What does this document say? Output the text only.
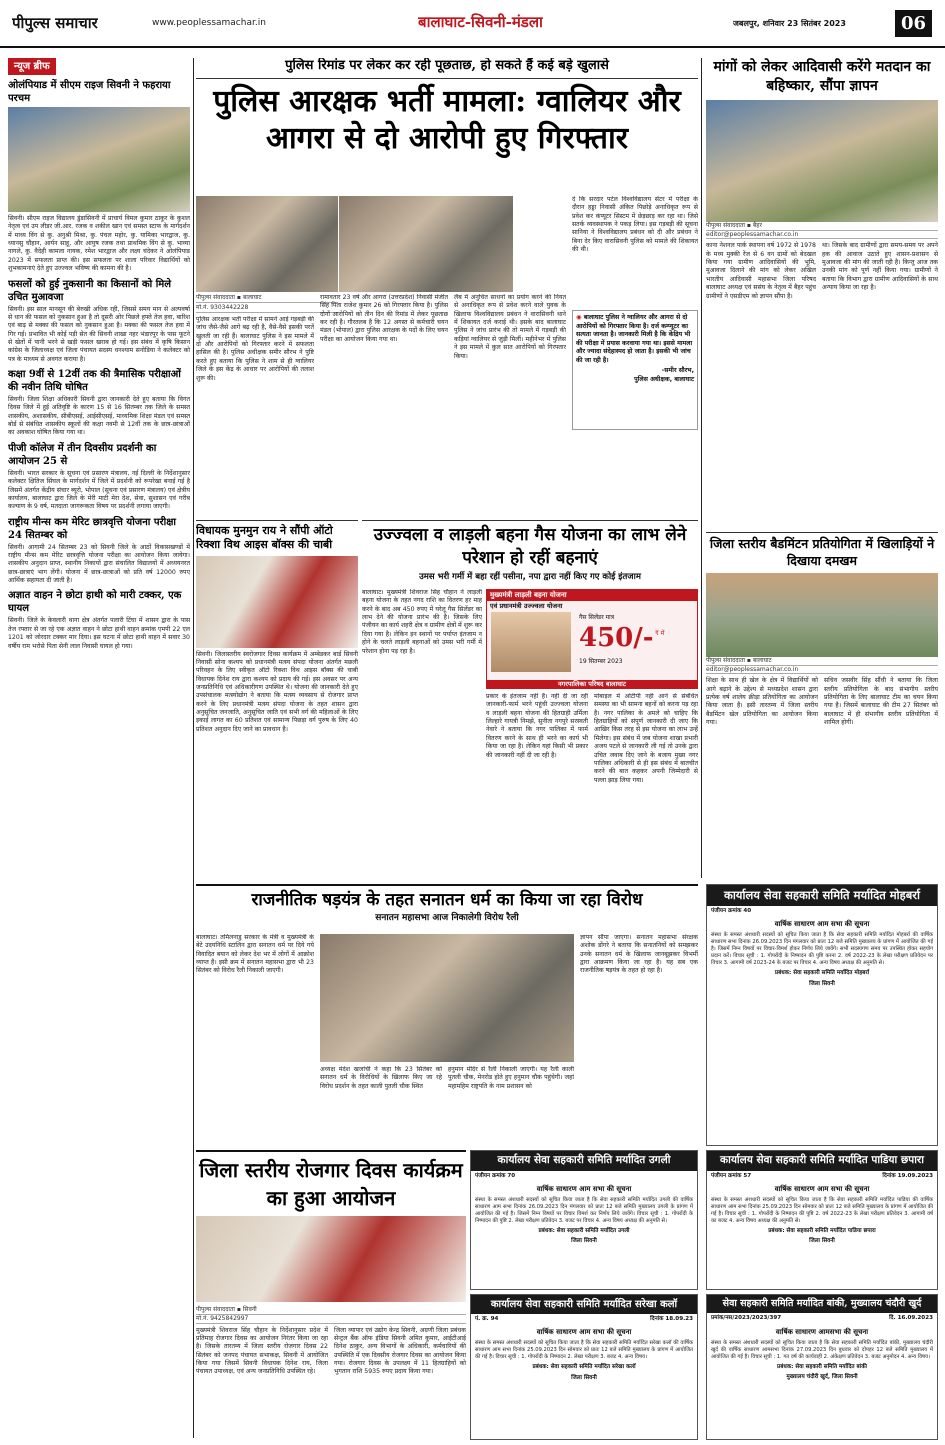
पीपुल्स समाचार	www.peoplessamachar.in	बालाघाट-सिवनी-मंडला	जबलपुर, शनिवार 23 सितंबर 2023	06
न्यूज ब्रीफ
ओलंपियाड में सीएम राइज सिवनी ने फहराया परचम

सिवनी। सीएम राइज विद्यालय डुंडासिवनी में प्राचार्य विमल कुमार ठाकुर के कुशल नेतृत्व एवं उप लीडर जी.आर. रजक व शकील खान एवं समस्त स्टाफ के मार्गदर्शन में माध्य विंग से कु. अनुश्री मिश्रा, कु. पंचल महोर, कु. यामिका भारद्वाज, कु. ध्यानसु चौहान, आर्यन साहू, और आयुष रजक तथा प्राथमिक विंग से कु. भाव्या नागले, कु. वैदेही कामला नायक, रमेश भारद्वाज और लक्ष्य चंदेकर ने ओलंपियाड 2023 में सफलता प्राप्त की। इस सफलता पर शाला परिवार विद्यार्थियों को शुभकामनाएं देते हुए उज्ज्वल भविष्य की कामना की है।

फसलों को हुई नुकसानी का किसानों को मिले उचित मुआवजा

सिवनी। इस साल मानसून की बेरुखी अधिक रही, जिससे समय मान से अल्पवर्षा से धान की फसल को नुकसान हुआ है तो दूसरी ओर पिछले हफ्ते तेज हवा, बारिश एवं बाढ़ से मक्का की फसल को नुकसान हुआ है। मक्का की फसल तेज हवा में गिर गई। प्रभावित भी कोई पड़ी सेत की सिवनी शाखा नहर भंडारपुर के पास फूटने से खेतों में पानी भरने से खड़ी फसल खराब हो गई। इस संबंध में कृषि किसान कांग्रेस के जिलाध्यक्ष एवं जिला पंचायत सदस्य धनश्याम सनोडिया ने कलेक्टर को पत्र के माध्यम से अवगत कराया है।

कक्षा 9वीं से 12वीं तक की त्रैमासिक परीक्षाओं की नवीन तिथि घोषित

सिवनी। जिला शिक्षा अधिकारी सिवनी द्वारा जानकारी देते हुए बताया कि विगत दिवस जिले में हुई अतिवृष्टि के कारण 15 से 16 सितम्बर तक जिले के समस्त शासकीय, अशासकीय, सीबीएसई, आईसीएसई, माध्यमिक शिक्षा मंडल एवं समस्त बोर्ड से संबंधित शासकीय स्कूलों की कक्षा नवमी से 12वीं तक के छात्र-छात्राओं का अवकाश घोषित किया गया था।

पीजी कॉलेज में तीन दिवसीय प्रदर्शनी का आयोजन 25 से

सिवनी। भारत सरकार के सूचना एवं प्रसारण मंत्रालय, नई दिल्ली के निर्देशानुसार कलेक्टर क्षितिज सिंघल के मार्गदर्शन में जिले में प्रदर्शनी को रूपरेखा बनाई गई है जिसमें अंतर्गत केंद्रीय संचार ब्यूरो, भोपाल (सूचना एवं प्रसारण मंत्रालय) एवं क्षेत्रीय कार्यालय, बालाघाट द्वारा जिले के मेरी माटी मेरा देश, सेवा, सुशासन एवं गरीब कल्याण के 9 वर्ष, मतदाता जागरूकता विषय पर प्रदर्शनी लगाया जाएगी।

राष्ट्रीय मीन्स कम मेरिट छात्रवृत्ति योजना परीक्षा 24 सितम्बर को

सिवनी। आगामी 24 सितम्बर 23 को सिवनी जिले के आठों विकासखण्डों में राष्ट्रीय मीन्स कम मेरिट छात्रवृत्ति योजना परीक्षा का आयोजन किया जायेगा। शासकीय अनुदान प्राप्त, स्थानीय निकायों द्वारा संचालित विद्यालयों में अध्ययनरत छात्र-छात्राएं भाग लेंगी। योजना में छात्र-छात्राओं को प्रति वर्ष 12000 रुपए आर्थिक सहायता दी जाती है।

अज्ञात वाहन ने छोटा हाथी को मारी टक्कर, एक घायल

सिवनी। जिले के केवलारी थाना क्षेत्र अंतर्गत पलारी टिंघा में शासन द्वारा के पास तेज रफ्तार से जा रहे एक अज्ञात वाहन ने छोटा हाथी वाहन क्रमांक एमपी 22 एल 1201 को जोरदार टक्कर मार दिया। इस घटना में छोटा हाथी वाहन में सवार 30 वर्षीय राम भरोसे पिता सेनी लाल निवासी घायल हो गया।

पुलिस रिमांड पर लेकर कर रही पूछताछ, हो सकते हैं कई बड़े खुलासे
पुलिस आरक्षक भर्ती मामला: ग्वालियर और आगरा से दो आरोपी हुए गिरफ्तार
पीपुल्स संवाददाता ▪ बालाघाट
मो.नं. 9303442228
पुलिस आरक्षक भर्ती परीक्षा में सामने आई गड़बड़ी की जांच जैसे-जैसे आगे बढ़ रही है, वैसे-वैसे इसकी परतें खुलती जा रही हैं। बालाघाट पुलिस ने इस मामले में दो और आरोपियों को गिरफ्तार करने में सफलता हासिल की है। पुलिस अधीक्षक समीर सौरभ ने पुष्टि करते हुए बताया कि पुलिस ने शाम से ही ग्वालियर जिले के इस केंद्र के आधार पर आरोपियों की तलाश शुरू की।
रामावतार 23 वर्ष और आगरा (उत्तरप्रदेश) निवासी मंजीत सिंह पिता राजेश कुमार 26 को गिरफ्तार किया है। पुलिस दोनों आरोपियों को तीन दिन की रिमांड में लेकर पूछताछ कर रही है। गौरतलब है कि 12 अगस्त से कर्मचारी चयन मंडल (भोपाल) द्वारा पुलिस आरक्षक के पदों के लिए चयन परीक्षा का आयोजन किया गया था।
लैब में अनुचित साधनों का प्रयोग करने की नियत से अनाधिकृत रूप से प्रवेश करने वाले युवक के खिलाफ विश्वविद्यालय प्रबंधन ने वारासिवनी थाने में शिकायत दर्ज कराई थी। इसके बाद बालाघाट पुलिस ने जांच प्रारंभ की तो मामले में गड़बड़ी की कड़ियां ग्वालियर से जुड़ी मिलीं। महीनेभर में पुलिस ने इस मामले में कुल सात आरोपियों को गिरफ्तार किया।
दे कि सरदार पटेल विश्वविद्यालय सेंटर में परीक्षा के दौरान हड्डा निवासी अंकित पिछोड़े अनाधिकृत रूप से प्रवेश कर कंप्यूटर सिस्टम में छेड़छाड़ कर रहा था। जिसे सतर्क व्यवस्थापक ने पकड़ लिया। इस गड़बड़ी की सूचना सानिया ने विश्वविद्यालय प्रबंधन को दी और प्रबंधन ने बिना देर किए वारासिवनी पुलिस को मामले की शिकायत की थी।
◉ बालाघाट पुलिस ने ग्वालियर और आगरा से दो आरोपियों को गिरफ्तार किया है। दर्ज कम्प्यूटर का सत्यता जानता है। जानकारी मिली है कि केंद्रिय भी की परीक्षा में प्रयास करवाया गया था। इससे मामला और ज्यादा संदेहास्पद हो जाता है। इसकी भी जांच की जा रही है।
-समीर सौरभ,
पुलिस अधीक्षक, बालाघाट
विधायक मुनमुन राय ने सौंपी ऑटो रिक्शा विथ आइस बॉक्स की चाबी

सिवनी। जिलास्तरीय स्वरोजगार दिवस कार्यक्रम में अम्बेडकर बार्ड सिवनी निवासी सोना कश्यप को प्रधानमंत्री मत्स्य संपदा योजना अंतर्गत मछली परिवहन के लिए स्वीकृत ऑटो रिक्शा विथ आइस बॉक्स की चाबी विधायक दिनेश राय द्वारा कश्यप को प्रदाय की गई। इस अवसर पर अन्य जनप्रतिनिधि एवं अधिकारीगण उपस्थित थे। योजना की जानकारी देते हुए उपसंचालक मत्स्योद्योग ने बताया कि मत्स्य व्यवसाय से रोजगार प्राप्त करने के लिए प्रधानमंत्री मत्स्य संपदा योजना के तहत शासन द्वारा अनुसूचित जनजाति, अनुसूचित जाति एवं सभी वर्ग की महिलाओं के लिए इकाई लागत का 60 प्रतिशत एवं सामान्य पिछड़ा वर्ग पुरुष के लिए 40 प्रतिशत अनुदान दिए जाने का प्रावधान है।

उज्ज्वला व लाड़ली बहना गैस योजना का लाभ लेने परेशान हो रहीं बहनाएं
उमस भरी गर्मी में बहा रहीं पसीना, नपा द्वारा नहीं किए गए कोई इंतजाम
बालाघाट। मुख्यमंत्री शिवराज सिंह चौहान ने लाड़ली बहना योजना के तहत नगद राशि का वितरण हर माह करने के बाद अब 450 रुपए में घरेलू गैस सिलेंडर का लाभ देने की योजना प्रारंभ की है। जिसके लिए पंजीयन का कार्य शहरी क्षेत्र व ग्रामीण क्षेत्रों में शुरू कर दिया गया है। लेकिन इन स्थानों पर पर्याप्त इंतजाम न होने के चलते लाड़ली बहनाओं को उमस भरी गर्मी में परेशान होना पड़ रहा है।
मुख्यमंत्री लाड़ली बहना योजना
एवं प्रधानमंत्री उज्ज्वला योजना
गैस सिलेंडर मात्र
450/- ₹ में
19 सितम्बर 2023
नगरपालिका परिषद बालाघाट
प्रकार के इंतजाम नहीं हैं। नहीं दी जा रही जानकारी-फार्म भरने पहुंची उज्ज्वला योजना व लाड़ली बहना योजना की हितग्राही उर्मिला लिल्हारे गायत्री निमझे, सुनीता नगपुरे सरस्वती नेवारे ने बताया कि नगर पालिका में फार्म वितरण करने के साथ ही भरने का कार्य भी किया जा रहा है। लेकिन यहां किसी भी प्रकार की जानकारी नहीं दी जा रही है।
मोबाइल में ओटीपी नहीं आने से संबंधित समस्या का भी सामना बहनों को करना पड़ रहा है। नगर पालिका के अमले को चाहिए कि हितग्राहियों को संपूर्ण जानकारी दी जाए कि आखिर किस तरह से इस योजना का लाभ उन्हें मिलेगा। इस संबंध में जब योजना शाखा प्रभारी अजय पटले से जानकारी ली गई तो उनके द्वारा उचित जवाब दिए जाने के बजाय मुख्य नगर पालिका अधिकारी से ही इस संबंध में बातचीत करने की बात कहकर अपनी जिम्मेदारी से पल्ला झाड़ लिया गया।
मांगों को लेकर आदिवासी करेंगे मतदान का बहिष्कार, सौंपा ज्ञापन
पीपुल्स संवाददाता ▪ बैहर
editor@peoplessamachar.co.in

काना नेशनल पार्क स्थापना वर्ष 1972 से 1978 के मध्य मुक्की रेंज से 6 वन ग्रामों को बेदखल किया गया ग्रामीण आदिवासियों की भूमि, मुआवजा दिलाने की मांग को लेकर अखिल भारतीय आदिवासी महासभा जिला परिषद बालाघाट अध्यक्ष एवं ससंघ के नेतृत्व में बैहर पहुंच ग्रामीणों ने एसडीएम को ज्ञापन सौंपा है।

था। जिसके बाद ग्रामीणों द्वारा समय-समय पर अपने हक की आवाज उठाते हुए शासन-प्रशासन से मुआवजा की मांग की जाती रही है। किन्तु आज तक उनकी मांग को पूर्ण नहीं किया गया। ग्रामीणों ने बताया कि विभाग द्वारा ग्रामीण आदिवासियों के साथ अन्याय किया जा रहा है।

जिला स्तरीय बैडमिंटन प्रतियोगिता में खिलाड़ियों ने दिखाया दमखम
पीपुल्स संवाददाता ▪ बालाघाट
editor@peoplessamachar.co.in

शिक्षा के साथ ही खेल के क्षेत्र में विद्यार्थियों को आगे बढ़ाने के उद्देश्य से मध्यप्रदेश शासन द्वारा प्रत्येक वर्ष शालेय क्रीड़ा प्रतियोगिता का आयोजन किया जाता है। इसी तारतम्य में जिला स्तरीय बैडमिंटन खेल प्रतियोगिता का आयोजन किया गया।

सचिव जसवीर सिंह सौंधी ने बताया कि जिला स्तरीय प्रतियोगिता के बाद संभागीय स्तरीय प्रतियोगिता के लिए बालाघाट टीम का चयन किया गया है। जिसमें बालाघाट की टीम 27 सितंबर को बालाघाट में ही संभागीय स्तरीय प्रतियोगिता में शामिल होगी।

राजनीतिक षड़यंत्र के तहत सनातन धर्म का किया जा रहा विरोध
सनातन महासभा आज निकालेगी विरोध रैली
बालाघाट। तमिलनाडु सरकार के मंत्री व मुख्यमंत्री के बेटे उदयनिधि स्टालिन द्वारा सनातन धर्म पर दिये गये विवादित बयान को लेकर देश भर में लोगों में आक्रोश व्याप्त है। इसी क्रम में सनातन महासभा द्वारा भी 23 सितंबर को विरोध रैली निकाली जाएगी।
अध्यक्ष मंदेश खजांची ने कहा कि 23 सितंबर को सनातन धर्म के विरोधियों के खिलाफ किए जा रहे विरोध प्रदर्शन के तहत काली पुतली चौक स्थित
हनुमान मंदिर से रैली निकाली जाएगी। यह रैली काली पुतली चौक, मेनरोड होते हुए हनुमान चौक पहुंचेगी। जहां महामहिम राष्ट्रपति के नाम प्रशासन को
ज्ञापन सौंपा जाएगा। सनातन महासभा संरक्षक अशोक डोंगरे ने बताया कि सनातनियों को समझकर उनके सनातन धर्म के खिलाफ जानबूझकर विभर्मी द्वारा आक्रमण किया जा रहा है। यह सब एक राजनीतिक षड़यंत्र के तहत हो रहा है।
कार्यालय सेवा सहकारी समिति मर्यादित मोहबर्रा
पंजीयन क्रमांक 40
वार्षिक साधारण आम सभा की सूचना
संस्था के समस्त अंशधारी सदस्यों को सूचित किया जाता है कि सेवा सहकारी समिति मर्यादित मोहबर्रा की वार्षिक साधारण सभा दिनांक 26.09.2023 दिन मंगलवार को प्रातः 12 बजे समिति मुख्यालय के प्रांगण में आयोजित की गई है। जिसमें निम्न विषयों पर विचार-विमर्श होकर निर्णय लिये जावेंगे। सभी सदस्यगण समय पर उपस्थित होकर सहयोग प्रदान करें। विचार सूची : 1. गोपरोंदी के निष्पादन की पुष्टि करना 2. वर्ष 2022-23 के लेखा परीक्षण प्रतिवेदन पर विचार 3. आगामी वर्ष 2023-24 के बजट पर विचार 4. अन्य विषय अध्यक्ष की अनुमति से।
प्रबंधक: सेवा सहकारी समिति मर्यादित मोहबर्रा
जिला सिवनी
जिला स्तरीय रोजगार दिवस कार्यक्रम का हुआ आयोजन
पीपुल्स संवाददाता ▪ सिवनी
मो.नं. 9425842997

मुख्यमंत्री शिवराज सिंह चौहान के निर्देशानुसार प्रदेश में प्रतिमाह रोजगार दिवस का आयोजन निरंतर किया जा रहा है। जिसके तारतम्य में जिला स्तरीय रोजगार दिवस 22 सितंबर को जनपद पंचायत सभाकक्ष, सिवनी में आयोजित किया गया जिसमें सिवनी विधायक दिनेश राय, जिला पंचायत उपाध्यक्ष, एवं अन्य जनप्रतिनिधि उपस्थित रहे।

जिला व्यापार एवं उद्योग केन्द्र सिवनी, अग्रणी जिला प्रबंधक सेन्ट्रल बैंक ऑफ इंडिया सिवनी अमित कुमार, आईटीआई दिनेश ठाकुर, अन्य विभागों के अधिकारी, कर्मचारियों की उपस्थिति में एक दिवसीय रोजगार दिवस का आयोजन किया गया। रोजगार दिवस के उपलक्ष्य में 11 हितग्राहियों को भुगतान राशि 5935 रुपए प्रदाय किया गया।

कार्यालय सेवा सहकारी समिति मर्यादित उगली
पंजीयन क्रमांक 70
वार्षिक साधारण आम सभा की सूचना
संस्था के समस्त अंशधारी सदस्यों को सूचित किया जाता है कि सेवा सहकारी समिति मर्यादित उगली की वार्षिक साधारण आम सभा दिनांक 26.09.2023 दिन मंगलवार को प्रातः 12 बजे समिति मुख्यालय उगली के प्रांगण में आयोजित की गई है। जिसमें निम्न विषयों पर विचार विमर्श कर निर्णय लिये जावेंगे। विचार सूची : 1. गोपरोंदी के निष्पादन की पुष्टि 2. लेखा परीक्षण प्रतिवेदन 3. बजट पर विचार 4. अन्य विषय अध्यक्ष की अनुमति से।
प्रबंधक: सेवा सहकारी समिति मर्यादित उगली
जिला सिवनी
कार्यालय सेवा सहकारी समिति मर्यादित पाडिया छपारा
पंजीयन क्रमांक 57	दिनांक 19.09.2023
वार्षिक साधारण आम सभा की सूचना
संस्था के समस्त अंशधारी सदस्यों को सूचित किया जाता है कि सेवा सहकारी समिति मर्यादित पाडिया की वार्षिक साधारण आम सभा दिनांक 25.09.2023 दिन सोमवार को प्रातः 12 बजे समिति मुख्यालय के प्रांगण में आयोजित की गई है। विचार सूची : 1. गोपरोंदी के निष्पादन की पुष्टि 2. वर्ष 2022-23 के लेखा परीक्षण प्रतिवेदन 3. आगामी वर्ष का बजट 4. अन्य विषय अध्यक्ष की अनुमति से।
प्रबंधक: सेवा सहकारी समिति मर्यादित पाडिया छपारा
जिला सिवनी
कार्यालय सेवा सहकारी समिति मर्यादित सरेखा कलॉ
पं. क्र. 94	दिनांक 18.09.23
वार्षिक साधारण आम सभा की सूचना
संस्था के समस्त अंशधारी सदस्यों को सूचित किया जाता है कि सेवा सहकारी समिति मर्यादित सरेखा कलॉ की वार्षिक साधारण आम सभा दिनांक 25.09.2023 दिन सोमवार को प्रातः 12 बजे समिति मुख्यालय के प्रांगण में आयोजित की गई है। विचार सूची : 1. गोपरोंदी के निष्पादन 2. लेखा परीक्षण 3. बजट 4. अन्य विषय।
प्रबंधक: सेवा सहकारी समिति मर्यादित सरेखा कलॉ
जिला सिवनी
सेवा सहकारी समिति मर्यादित बांकी, मुख्यालय चंदौरी खुर्द
प्रमांक/नस/2023/2023/397	दि. 16.09.2023
वार्षिक साधारण आमसभा की सूचना
संस्था के समस्त अंशधारी सदस्यों को सूचित किया जाता है कि सेवा सहकारी समिति मर्यादित बांकी, मुख्यालय चंदौरी खुर्द की वार्षिक साधारण आमसभा दिनांक 27.09.2023 दिन बुधवार को दोपहर 12 बजे समिति मुख्यालय में आयोजित की गई है। विचार सूची : 1. गत वर्ष की कार्यवाही 2. अंकेक्षण प्रतिवेदन 3. बजट अनुमोदन 4. अन्य विषय।
प्रबंधक: सेवा सहकारी समिति मर्यादित बांकी
मुख्यालय चंदौरी खुर्द, जिला सिवनी
